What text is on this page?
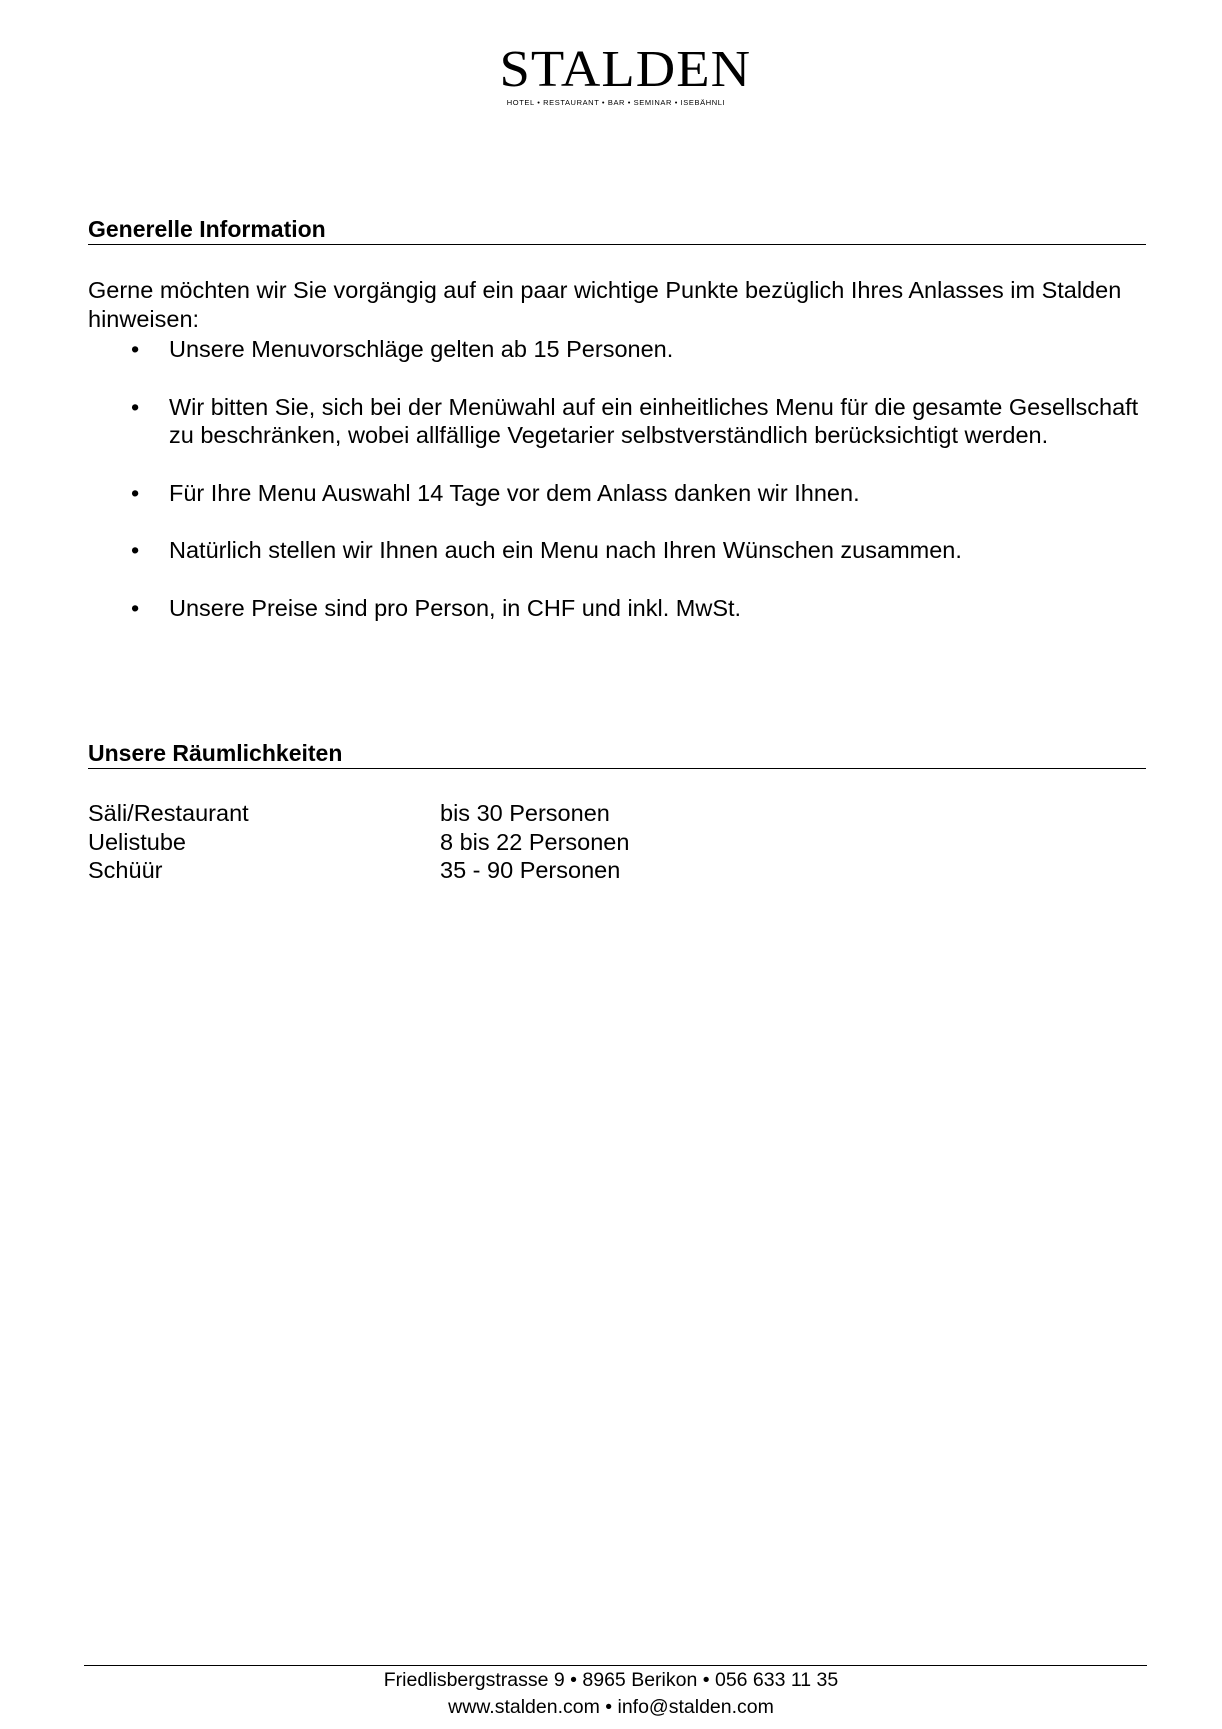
STALDEN
HOTEL • RESTAURANT • BAR • SEMINAR • ISEBÄHNLI
Generelle Information
Gerne möchten wir Sie vorgängig auf ein paar wichtige Punkte bezüglich Ihres Anlasses im Stalden hinweisen:
• Unsere Menuvorschläge gelten ab 15 Personen.
• Wir bitten Sie, sich bei der Menüwahl auf ein einheitliches Menu für die gesamte Gesellschaft zu beschränken, wobei allfällige Vegetarier selbstverständlich berücksichtigt werden.
• Für Ihre Menu Auswahl 14 Tage vor dem Anlass danken wir Ihnen.
• Natürlich stellen wir Ihnen auch ein Menu nach Ihren Wünschen zusammen.
• Unsere Preise sind pro Person, in CHF und inkl. MwSt.
Unsere Räumlichkeiten
Säli/Restaurant	bis 30 Personen
Uelistube	8 bis 22 Personen
Schüür	35 - 90 Personen
Friedlisbergstrasse 9 • 8965 Berikon • 056 633 11 35
www.stalden.com • info@stalden.com
